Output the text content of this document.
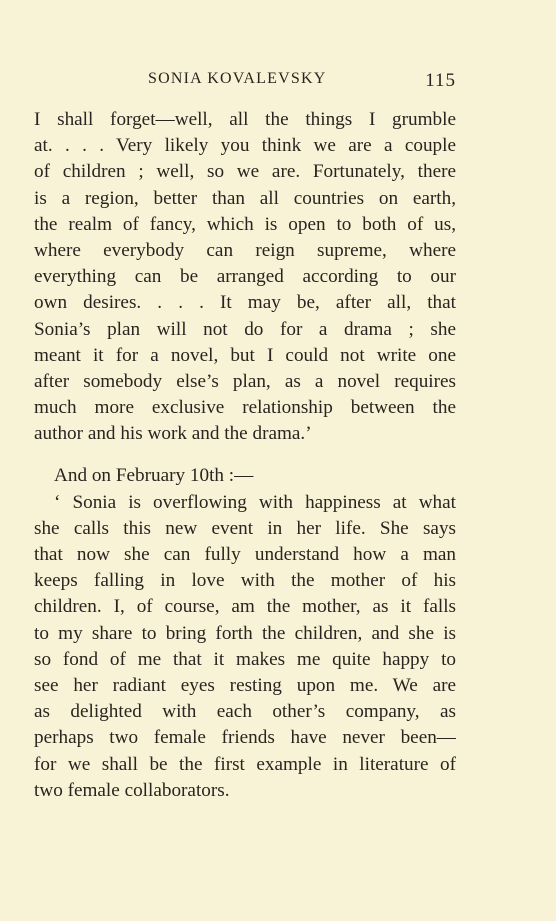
SONIA KOVALEVSKY	115
I shall forget—well, all the things I grumble
at. . . . Very likely you think we are a couple
of children ; well, so we are. Fortunately, there
is a region, better than all countries on earth,
the realm of fancy, which is open to both of us,
where everybody can reign supreme, where
everything can be arranged according to our
own desires. . . . It may be, after all, that
Sonia’s plan will not do for a drama ; she
meant it for a novel, but I could not write one
after somebody else’s plan, as a novel requires
much more exclusive relationship between the
author and his work and the drama.’
And on February 10th :—
‘ Sonia is overflowing with happiness at what
she calls this new event in her life. She says
that now she can fully understand how a man
keeps falling in love with the mother of his
children. I, of course, am the mother, as it falls
to my share to bring forth the children, and she is
so fond of me that it makes me quite happy to
see her radiant eyes resting upon me. We are
as delighted with each other’s company, as
perhaps two female friends have never been—
for we shall be the first example in literature of
two female collaborators.
